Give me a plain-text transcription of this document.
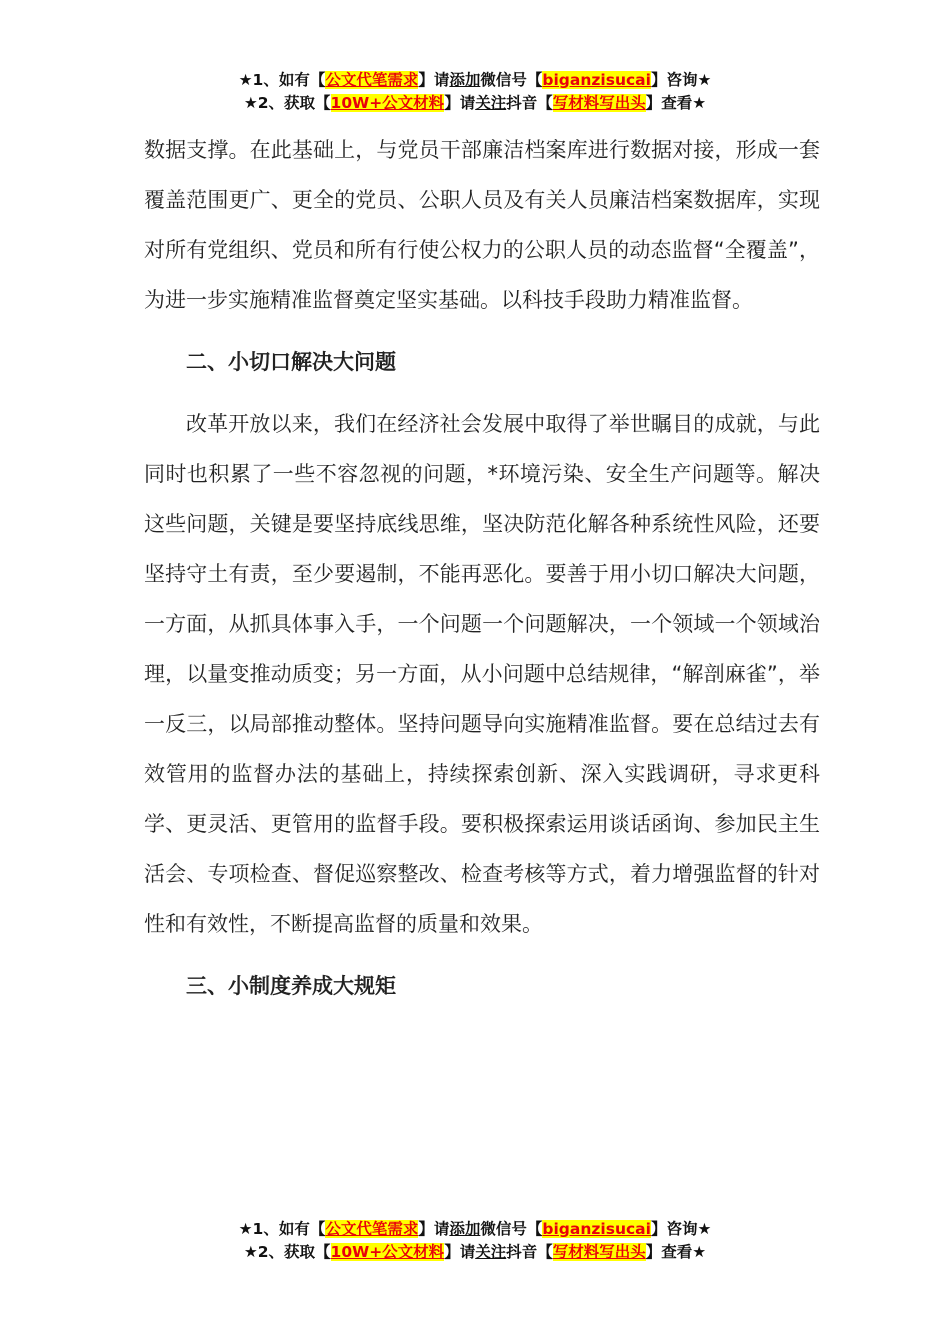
★1、如有【公文代笔需求】请添加微信号【biganzisucai】咨询★
★2、获取【10W+公文材料】请关注抖音【写材料写出头】查看★

数据支撑。在此基础上，与党员干部廉洁档案库进行数据对接，形成一套覆盖范围更广、更全的党员、公职人员及有关人员廉洁档案数据库，实现对所有党组织、党员和所有行使公权力的公职人员的动态监督“全覆盖”，为进一步实施精准监督奠定坚实基础。以科技手段助力精准监督。

二、小切口解决大问题

改革开放以来，我们在经济社会发展中取得了举世瞩目的成就，与此同时也积累了一些不容忽视的问题，*环境污染、安全生产问题等。解决这些问题，关键是要坚持底线思维，坚决防范化解各种系统性风险，还要坚持守土有责，至少要遏制，不能再恶化。要善于用小切口解决大问题，一方面，从抓具体事入手，一个问题一个问题解决，一个领域一个领域治理，以量变推动质变；另一方面，从小问题中总结规律，“解剖麻雀”，举一反三，以局部推动整体。坚持问题导向实施精准监督。要在总结过去有效管用的监督办法的基础上，持续探索创新、深入实践调研，寻求更科学、更灵活、更管用的监督手段。要积极探索运用谈话函询、参加民主生活会、专项检查、督促巡察整改、检查考核等方式，着力增强监督的针对性和有效性，不断提高监督的质量和效果。

三、小制度养成大规矩

★1、如有【公文代笔需求】请添加微信号【biganzisucai】咨询★
★2、获取【10W+公文材料】请关注抖音【写材料写出头】查看★
